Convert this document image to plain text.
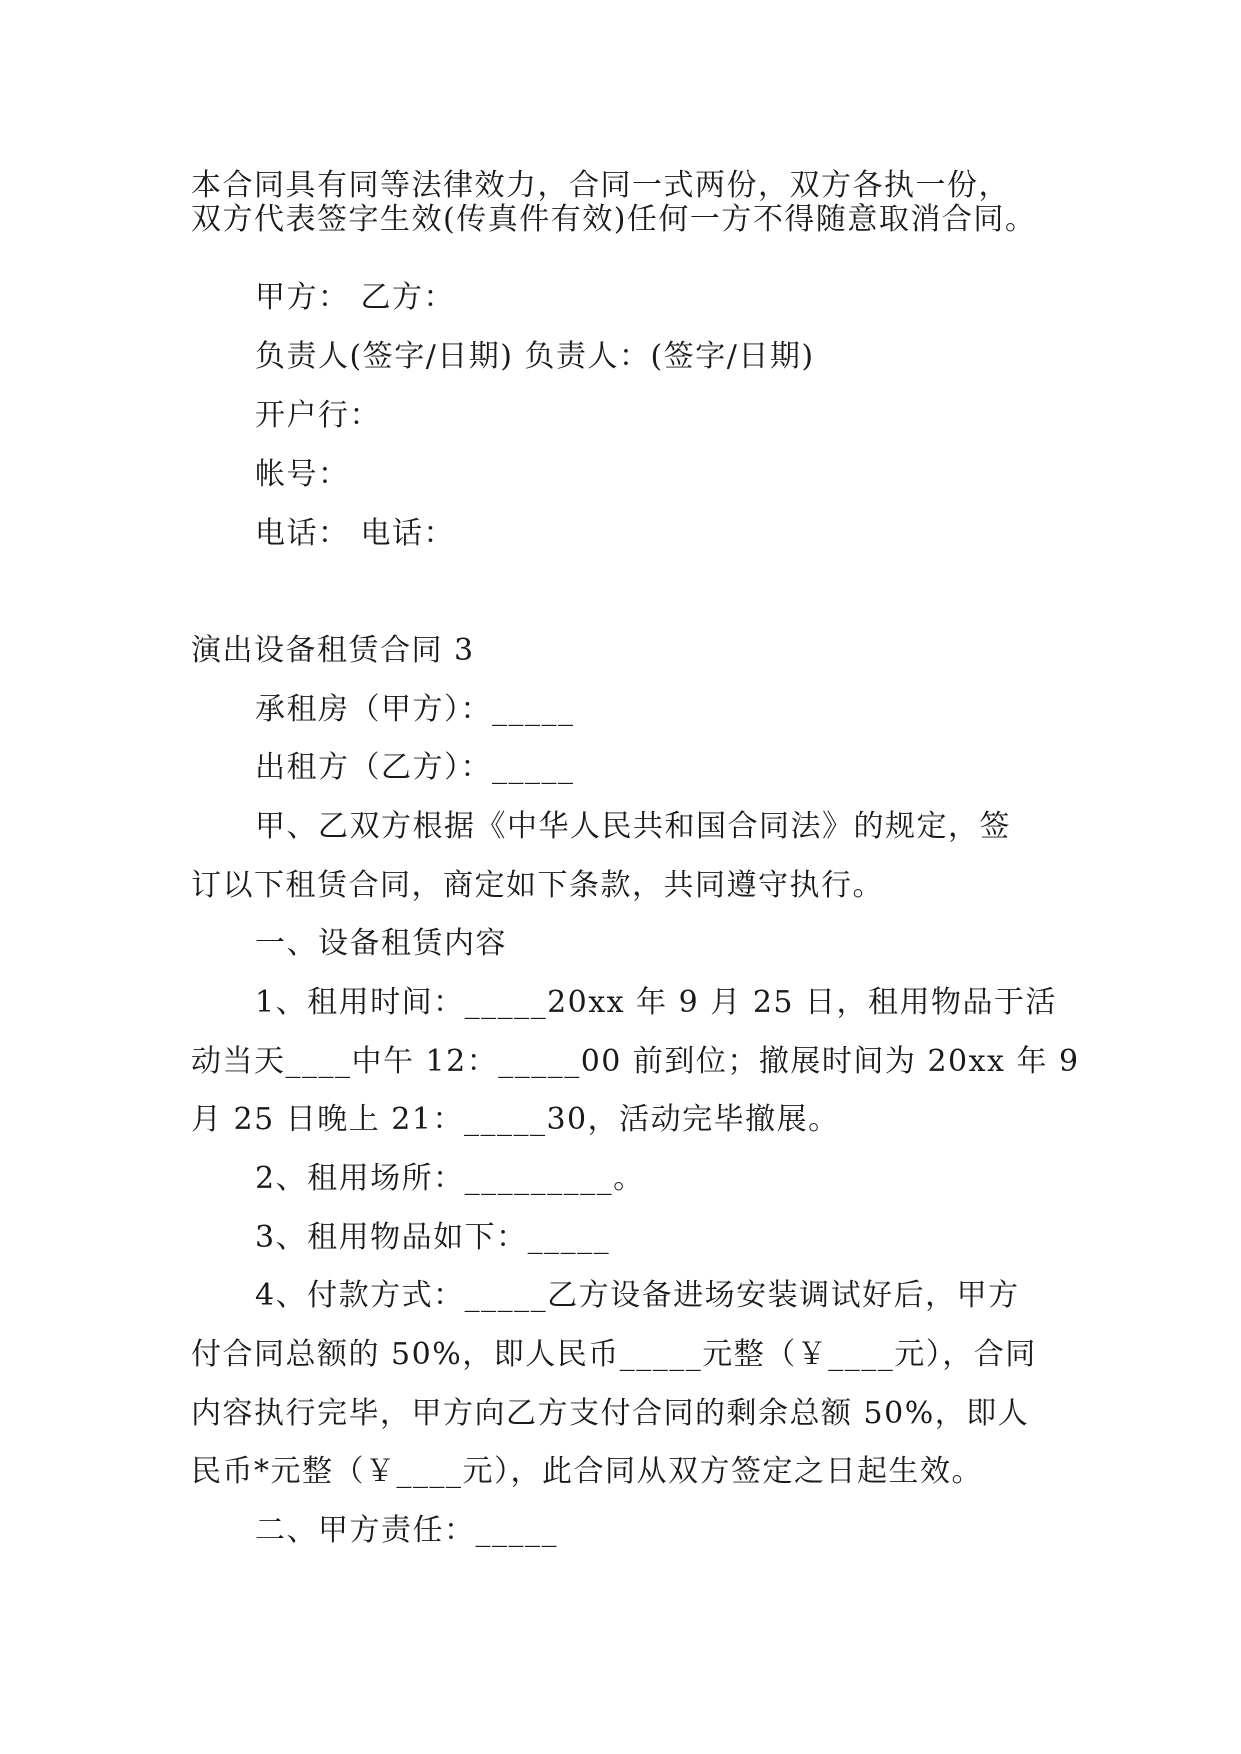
本合同具有同等法律效力，合同一式两份，双方各执一份，
双方代表签字生效(传真件有效)任何一方不得随意取消合同。
甲方： 乙方：
负责人(签字/日期) 负责人：(签字/日期)
开户行：
帐号：
电话： 电话：
演出设备租赁合同 3
承租房（甲方）：_____
出租方（乙方）：_____
甲、乙双方根据《中华人民共和国合同法》的规定，签
订以下租赁合同，商定如下条款，共同遵守执行。
一、设备租赁内容
1、租用时间：_____20xx 年 9 月 25 日，租用物品于活
动当天____中午 12：_____00 前到位；撤展时间为 20xx 年 9
月 25 日晚上 21：_____30，活动完毕撤展。
2、租用场所：_________。
3、租用物品如下：_____
4、付款方式：_____乙方设备进场安装调试好后，甲方
付合同总额的 50%，即人民币_____元整（￥____元），合同
内容执行完毕，甲方向乙方支付合同的剩余总额 50%，即人
民币*元整（￥____元），此合同从双方签定之日起生效。
二、甲方责任：_____
